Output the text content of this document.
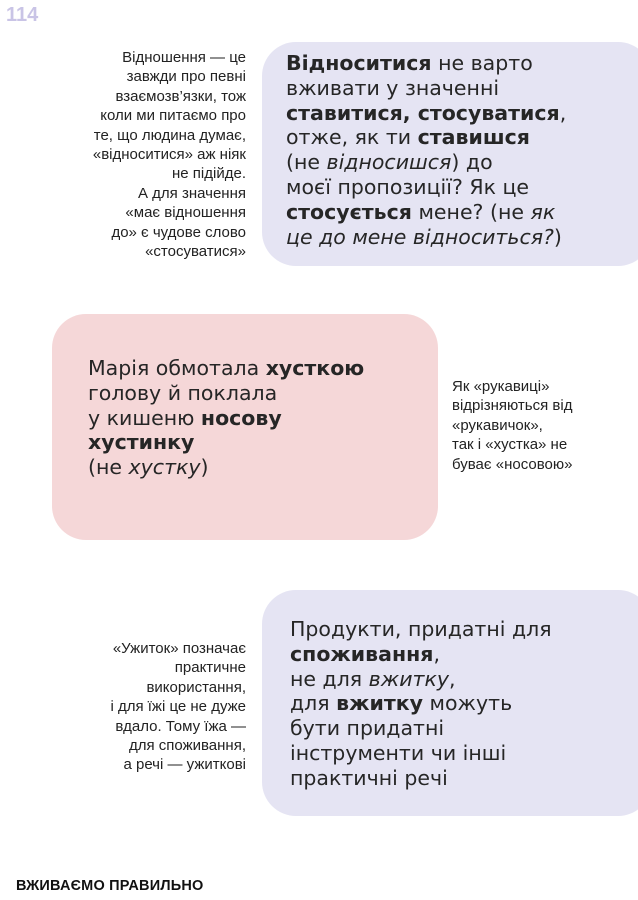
114
Відношення — це
завжди про певні
взаємозв’язки, тож
коли ми питаємо про
те, що людина думає,
«відноситися» аж ніяк
не підійде.
А для значення
«має відношення
до» є чудове слово
«стосуватися»
Відноситися не варто
вживати у значенні
ставитися, стосуватися,
отже, як ти ставишся
(не відносишся) до
моєї пропозиції? Як це
стосується мене? (не як
це до мене відноситься?)
Марія обмотала хусткою
голову й поклала
у кишеню носову
хустинку
(не хустку)
Як «рукавиці»
відрізняються від
«рукавичок»,
так і «хустка» не
буває «носовою»
«Ужиток» позначає
практичне
використання,
і для їжі це не дуже
вдало. Тому їжа —
для споживання,
а речі — ужиткові
Продукти, придатні для
споживання,
не для вжитку,
для вжитку можуть
бути придатні
інструменти чи інші
практичні речі
ВЖИВАЄМО ПРАВИЛЬНО
